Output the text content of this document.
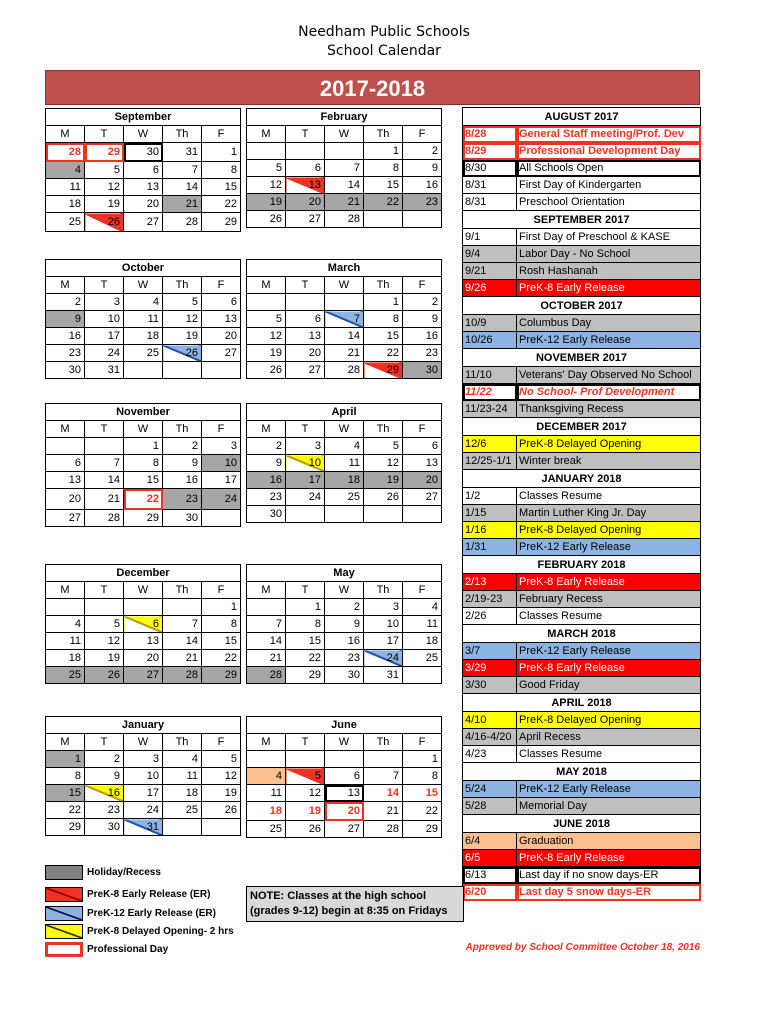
Needham Public Schools
School Calendar
2017-2018
September				
M	T	W	Th	F
28	29	30	31	1
4	5	6	7	8
11	12	13	14	15
18	19	20	21	22
25	26	27	28	29
February				
M	T	W	Th	F
			1	2
5	6	7	8	9
12	13	14	15	16
19	20	21	22	23
26	27	28		
October				
M	T	W	Th	F
2	3	4	5	6
9	10	11	12	13
16	17	18	19	20
23	24	25	26	27
30	31			
March				
M	T	W	Th	F
			1	2
5	6	7	8	9
12	13	14	15	16
19	20	21	22	23
26	27	28	29	30
November				
M	T	W	Th	F
		1	2	3
6	7	8	9	10
13	14	15	16	17
20	21	22	23	24
27	28	29	30	
April				
M	T	W	Th	F
2	3	4	5	6
9	10	11	12	13
16	17	18	19	20
23	24	25	26	27
30				
December				
M	T	W	Th	F
				1
4	5	6	7	8
11	12	13	14	15
18	19	20	21	22
25	26	27	28	29
May				
M	T	W	Th	F
	1	2	3	4
7	8	9	10	11
14	15	16	17	18
21	22	23	24	25
28	29	30	31	
January				
M	T	W	Th	F
1	2	3	4	5
8	9	10	11	12
15	16	17	18	19
22	23	24	25	26
29	30	31		
June				
M	T	W	Th	F
				1
4	5	6	7	8
11	12	13	14	15
18	19	20	21	22
25	26	27	28	29
AUGUST 2017	
8/28	General Staff meeting/Prof. Dev
8/29	Professional Development Day
8/30	All Schools Open
8/31	First Day of Kindergarten
8/31	Preschool Orientation
SEPTEMBER 2017	
9/1	First Day of Preschool & KASE
9/4	Labor Day - No School
9/21	Rosh Hashanah
9/26	PreK-8 Early Release
OCTOBER 2017	
10/9	Columbus Day
10/26	PreK-12 Early Release
NOVEMBER 2017	
11/10	Veterans' Day Observed No School
11/22	No School- Prof Development
11/23-24	Thanksgiving Recess
DECEMBER 2017	
12/6	PreK-8 Delayed Opening
12/25-1/1	Winter break
JANUARY 2018	
1/2	Classes Resume
1/15	Martin Luther King Jr. Day
1/16	PreK-8 Delayed Opening
1/31	PreK-12 Early Release
FEBRUARY 2018	
2/13	PreK-8 Early Release
2/19-23	February Recess
2/26	Classes Resume
MARCH 2018	
3/7	PreK-12 Early Release
3/29	PreK-8 Early Release
3/30	Good Friday
APRIL 2018	
4/10	PreK-8 Delayed Opening
4/16-4/20	April Recess
4/23	Classes Resume
MAY 2018	
5/24	PreK-12 Early Release
5/28	Memorial Day
JUNE 2018	
6/4	Graduation
6/5	PreK-8 Early Release
6/13	Last day if no snow days-ER
6/20	Last day 5 snow days-ER
Holiday/Recess
PreK-8 Early Release (ER)
PreK-12 Early Release (ER)
PreK-8 Delayed Opening- 2 hrs
Professional Day
NOTE: Classes at the high school
(grades 9-12) begin at 8:35 on Fridays
Approved by School Committee October 18, 2016
